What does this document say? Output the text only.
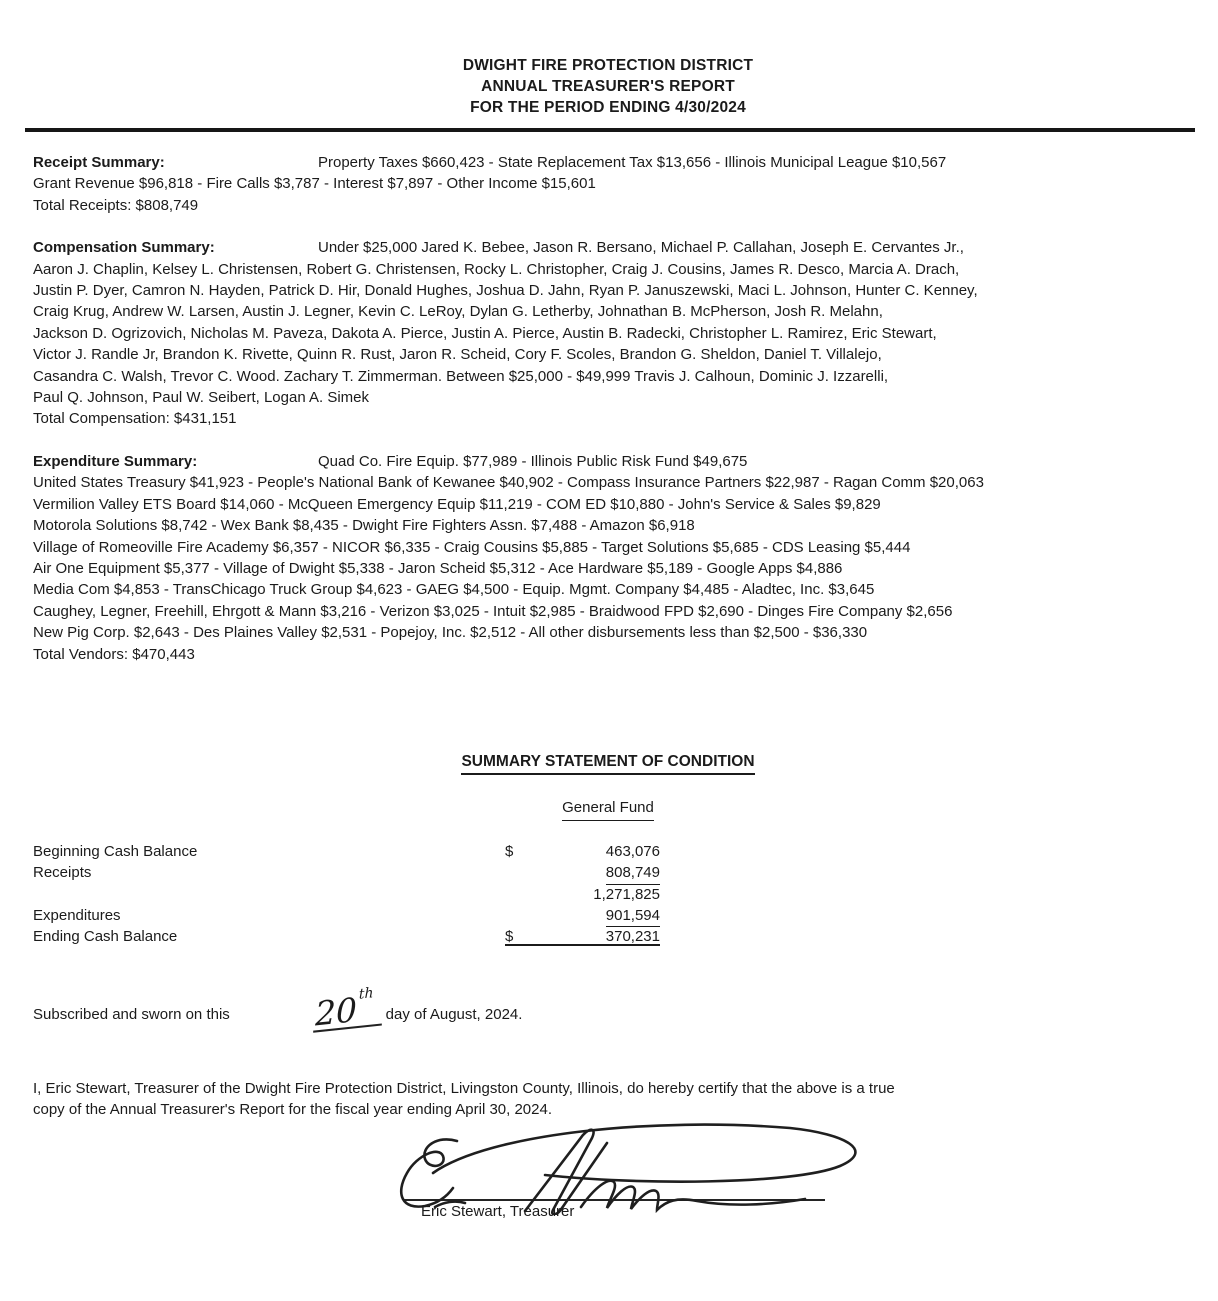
DWIGHT FIRE PROTECTION DISTRICT
ANNUAL TREASURER'S REPORT
FOR THE PERIOD ENDING 4/30/2024
Receipt Summary:	Property Taxes $660,423 - State Replacement Tax $13,656 - Illinois Municipal League $10,567
Grant Revenue $96,818 - Fire Calls $3,787 - Interest $7,897 - Other Income $15,601
Total Receipts: $808,749
Compensation Summary:	Under $25,000 Jared K. Bebee, Jason R. Bersano, Michael P. Callahan, Joseph E. Cervantes Jr.,
Aaron J. Chaplin, Kelsey L. Christensen, Robert G. Christensen, Rocky L. Christopher, Craig J. Cousins, James R. Desco, Marcia A. Drach,
Justin P. Dyer, Camron N. Hayden, Patrick D. Hir, Donald Hughes, Joshua D. Jahn, Ryan P. Januszewski, Maci L. Johnson, Hunter C. Kenney,
Craig Krug, Andrew W. Larsen, Austin J. Legner, Kevin C. LeRoy, Dylan G. Letherby, Johnathan B. McPherson, Josh R. Melahn,
Jackson D. Ogrizovich, Nicholas M. Paveza, Dakota A. Pierce, Justin A. Pierce, Austin B. Radecki, Christopher L. Ramirez, Eric Stewart,
Victor J. Randle Jr, Brandon K. Rivette, Quinn R. Rust, Jaron R. Scheid, Cory F. Scoles, Brandon G. Sheldon, Daniel T. Villalejo,
Casandra C. Walsh, Trevor C. Wood. Zachary T. Zimmerman. Between $25,000 - $49,999 Travis J. Calhoun, Dominic J. Izzarelli,
Paul Q. Johnson, Paul W. Seibert, Logan A. Simek
Total Compensation: $431,151
Expenditure Summary:	Quad Co. Fire Equip. $77,989 - Illinois Public Risk Fund $49,675
United States Treasury $41,923 - People's National Bank of Kewanee $40,902 - Compass Insurance Partners $22,987 - Ragan Comm $20,063
Vermilion Valley ETS Board $14,060 - McQueen Emergency Equip $11,219 - COM ED $10,880 - John's Service & Sales $9,829
Motorola Solutions $8,742 - Wex Bank $8,435 - Dwight Fire Fighters Assn. $7,488 - Amazon $6,918
Village of Romeoville Fire Academy $6,357 - NICOR $6,335 - Craig Cousins $5,885 - Target Solutions $5,685 - CDS Leasing $5,444
Air One Equipment $5,377 - Village of Dwight $5,338 - Jaron Scheid $5,312 - Ace Hardware $5,189 - Google Apps $4,886
Media Com $4,853 - TransChicago Truck Group $4,623 - GAEG $4,500 - Equip. Mgmt. Company $4,485 - Aladtec, Inc. $3,645
Caughey, Legner, Freehill, Ehrgott & Mann $3,216 - Verizon $3,025 - Intuit $2,985 - Braidwood FPD $2,690 - Dinges Fire Company $2,656
New Pig Corp. $2,643 - Des Plaines Valley $2,531 - Popejoy, Inc. $2,512 - All other disbursements less than $2,500 - $36,330
Total Vendors: $470,443
SUMMARY STATEMENT OF CONDITION
General Fund
Beginning Cash Balance	$	463,076
Receipts	808,749
1,271,825
Expenditures	901,594
Ending Cash Balance	$	370,231
Subscribed and sworn on this	20 $^{th}$
day of August, 2024.
I, Eric Stewart, Treasurer of the Dwight Fire Protection District, Livingston County, Illinois, do hereby certify that the above is a true
copy of the Annual Treasurer's Report for the fiscal year ending April 30, 2024.
Eric Stewart, Treasurer
